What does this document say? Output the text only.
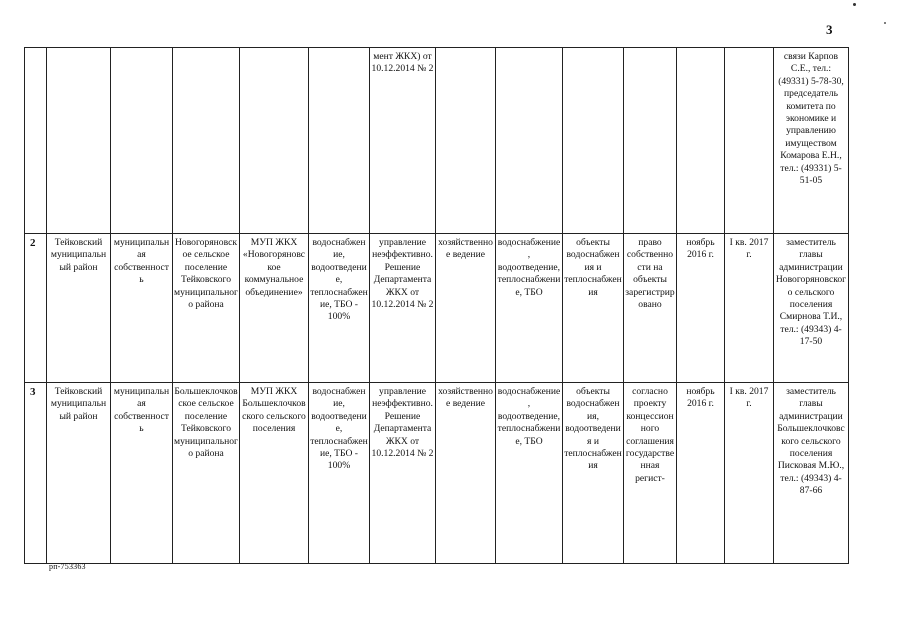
3
						мент ЖКХ) от 10.12.2014 № 2							связи Карпов С.Е., тел.: (49331) 5-78-30, председатель комитета по экономике и управлению имуществом Комарова Е.Н., тел.: (49331) 5-51-05
2	Тейковский муниципальный район	муниципальная собственность	Новогоряновское сельское поселение Тейковского муниципального района	МУП ЖКХ «Новогоряновское коммунальное объединение»	водоснабжение, водоотведение, теплоснабжение, ТБО - 100%	управление неэффективно. Решение Департамента ЖКХ от 10.12.2014 № 2	хозяйственное ведение	водоснабжение, водоотведение, теплоснабжение, ТБО	объекты водоснабжения и теплоснабжения	право собственности на объекты зарегистрировано	ноябрь 2016 г.	I кв. 2017 г.	заместитель главы администрации Новогоряновского сельского поселения Смирнова Т.И., тел.: (49343) 4-17-50
3	Тейковский муниципальный район	муниципальная собственность	Большеклочковское сельское поселение Тейковского муниципального района	МУП ЖКХ Большеклочковского сельского поселения	водоснабжение, водоотведение, теплоснабжение, ТБО - 100%	управление неэффективно. Решение Департамента ЖКХ от 10.12.2014 № 2	хозяйственное ведение	водоснабжение, водоотведение, теплоснабжение, ТБО	объекты водоснабжения, водоотведения и теплоснабжения	согласно проекту концессионного соглашения государственная регист-	ноябрь 2016 г.	I кв. 2017 г.	заместитель главы администрации Большеклочковского сельского поселения Писковая М.Ю., тел.: (49343) 4-87-66
рп-753363
